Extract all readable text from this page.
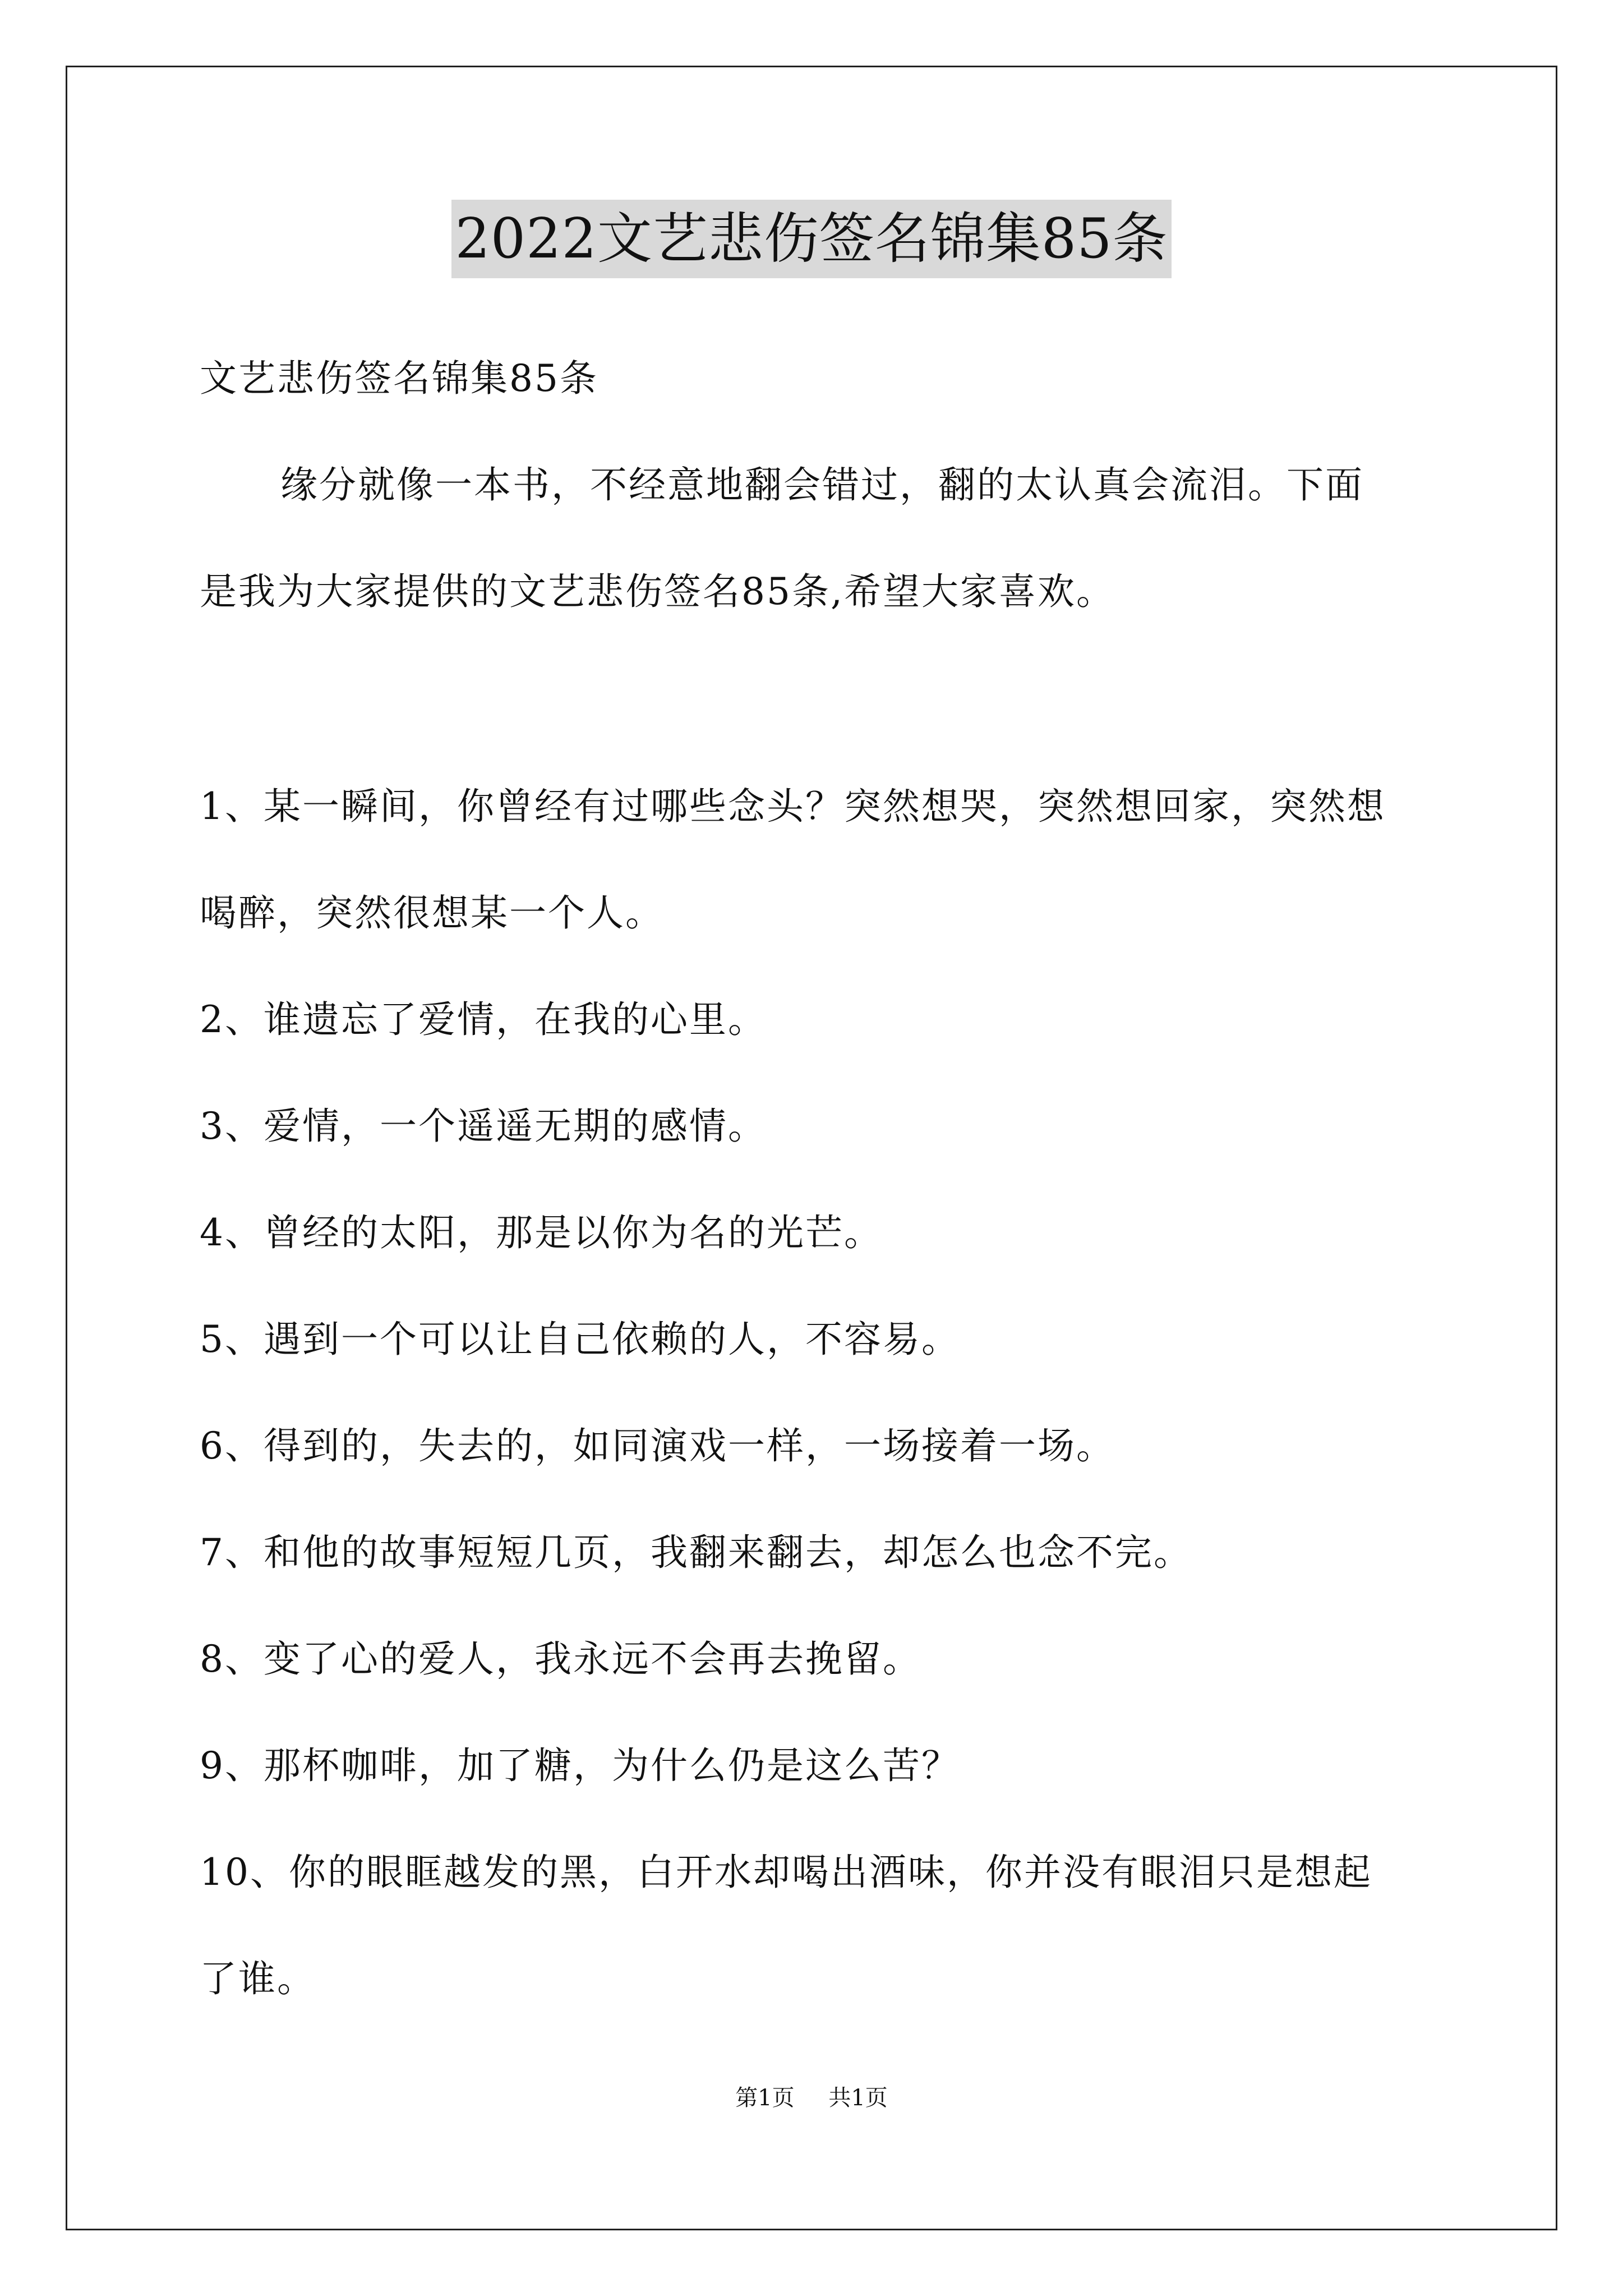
2022文艺悲伤签名锦集85条
文艺悲伤签名锦集85条
缘分就像一本书，不经意地翻会错过，翻的太认真会流泪。下面
是我为大家提供的文艺悲伤签名85条,希望大家喜欢。
1、某一瞬间，你曾经有过哪些念头？突然想哭，突然想回家，突然想
喝醉，突然很想某一个人。
2、谁遗忘了爱情，在我的心里。
3、爱情，一个遥遥无期的感情。
4、曾经的太阳，那是以你为名的光芒。
5、遇到一个可以让自己依赖的人，不容易。
6、得到的，失去的，如同演戏一样，一场接着一场。
7、和他的故事短短几页，我翻来翻去，却怎么也念不完。
8、变了心的爱人，我永远不会再去挽留。
9、那杯咖啡，加了糖，为什么仍是这么苦？
10、你的眼眶越发的黑，白开水却喝出酒味，你并没有眼泪只是想起
了谁。
第1页 共1页
